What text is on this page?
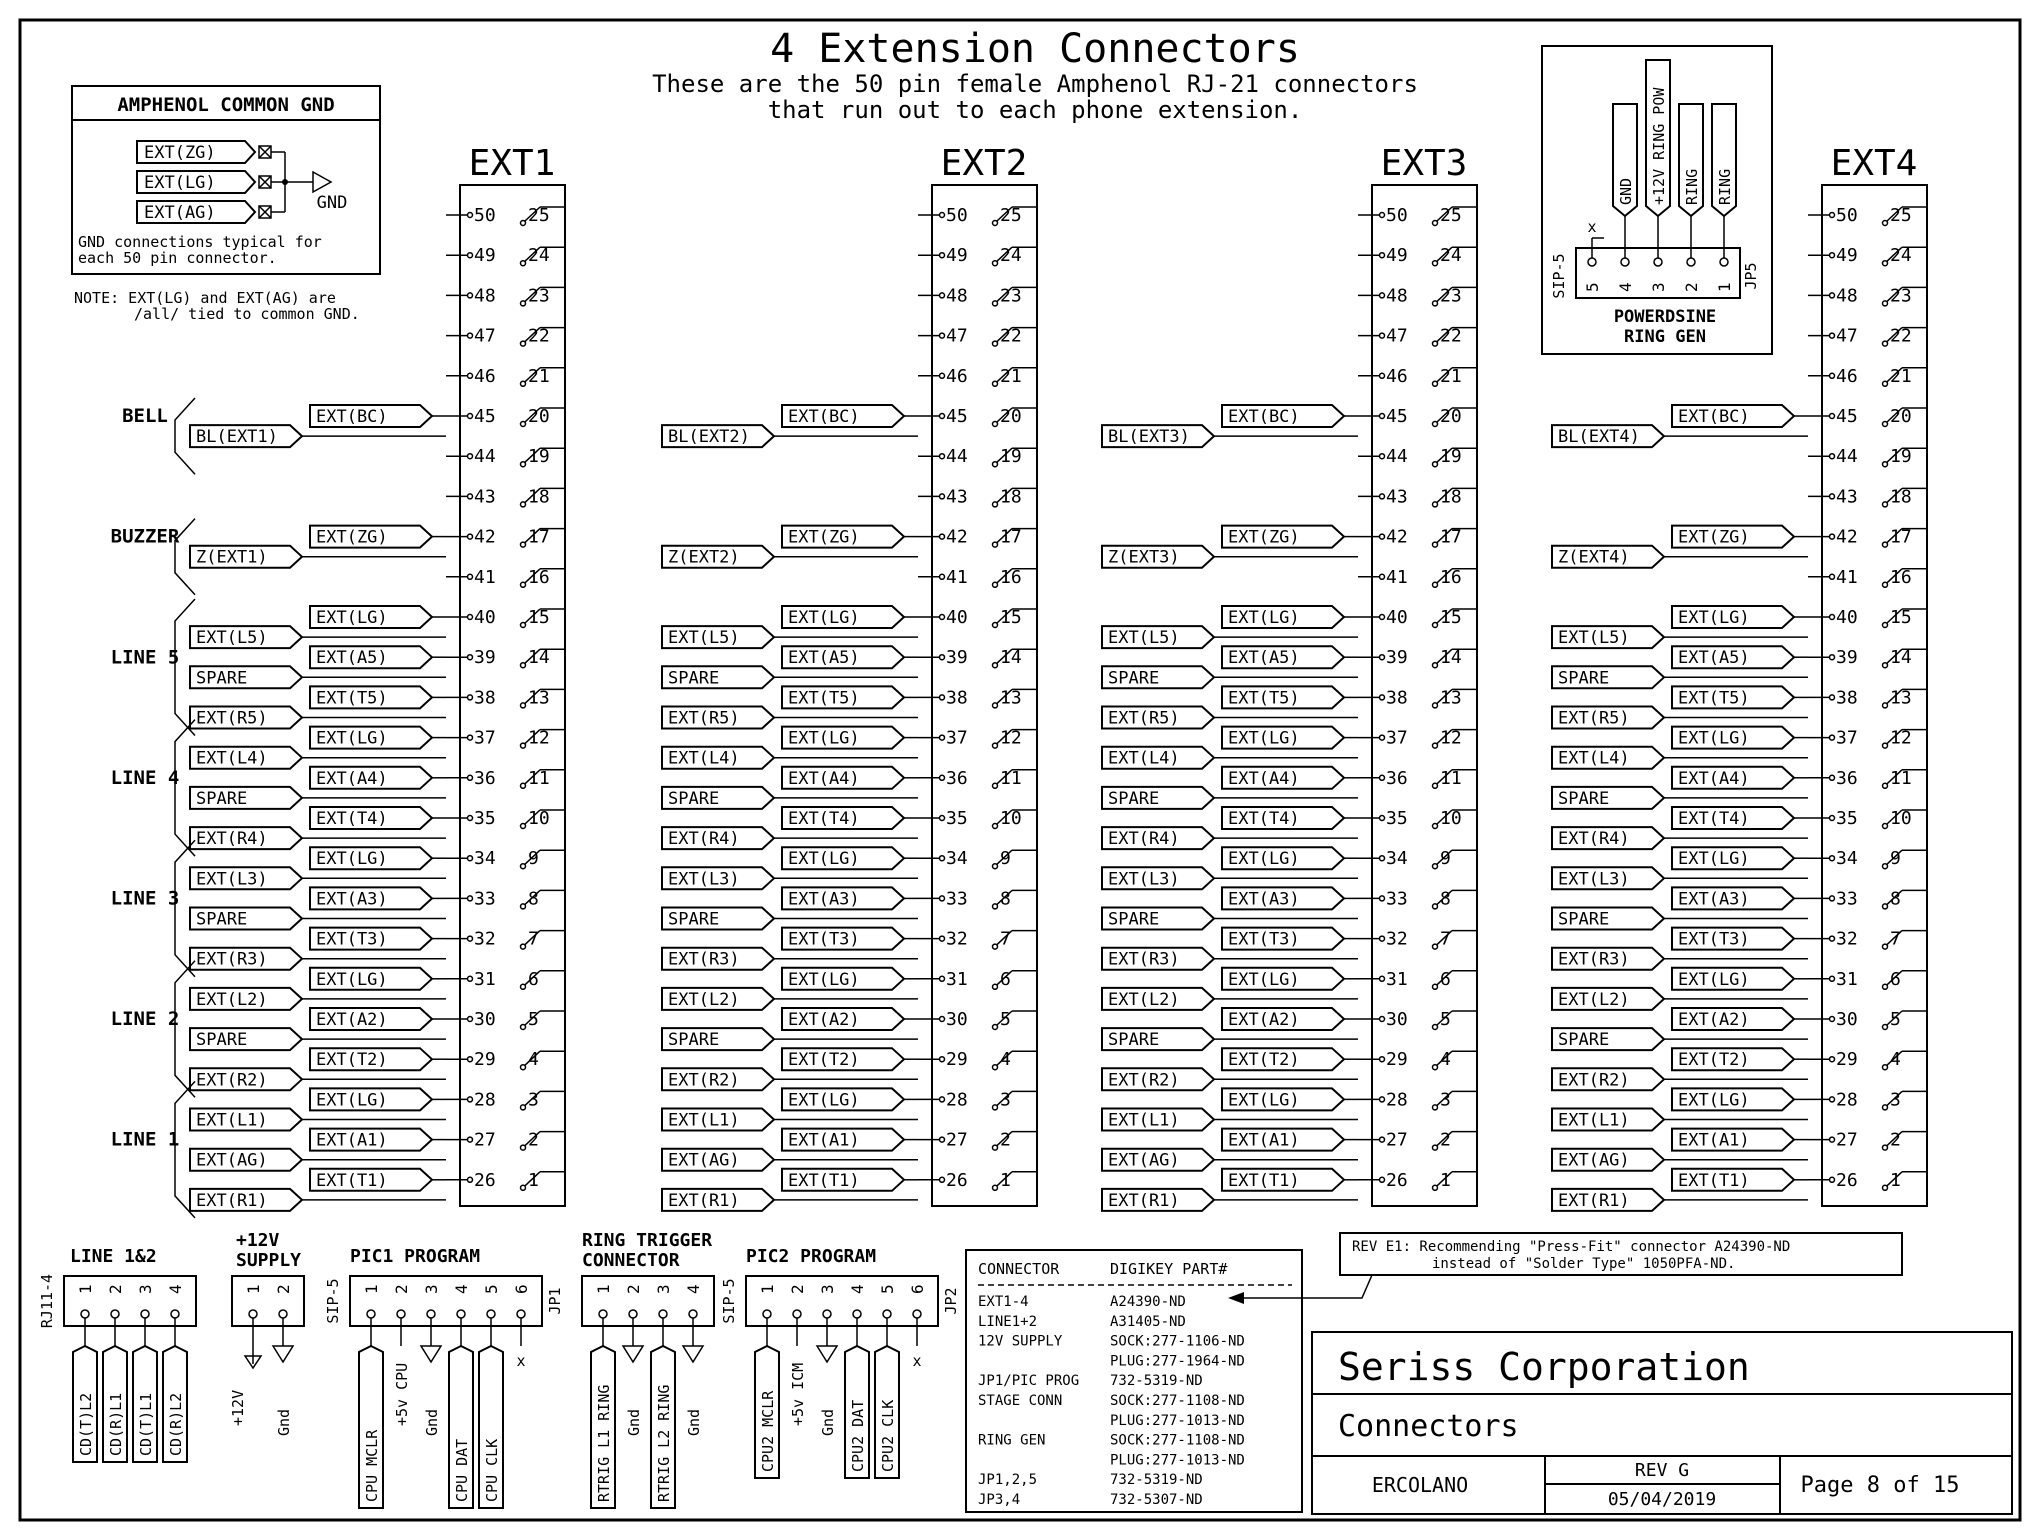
4 Extension Connectors
These are the 50 pin female Amphenol RJ-21 connectors
that run out to each phone extension.
AMPHENOL COMMON GND
EXT(ZG)
EXT(LG)
EXT(AG)	GND
GND connections typical for
each 50 pin connector.
NOTE: EXT(LG) and EXT(AG) are
/all/ tied to common GND.
EXT1
50 25
49 24
48 23
47 22
46 21
45 20
EXT(BC)
44 19
43 18
42 17
EXT(ZG)
41 16
40 15
EXT(LG)
39 14
EXT(A5)
38 13
EXT(T5)
37 12
EXT(LG)
36 11
EXT(A4)
35 10
EXT(T4)
34 9
EXT(LG)
33 8
EXT(A3)
32 7
EXT(T3)
31 6
EXT(LG)
30 5
EXT(A2)
29 4
EXT(T2)
28 3
EXT(LG)
27 2
EXT(A1)
26 1
EXT(T1)
EXT(L5)
SPARE
EXT(R5)
EXT(L4)
SPARE
EXT(R4)
EXT(L3)
SPARE
EXT(R3)
EXT(L2)
SPARE
EXT(R2)
EXT(L1)
EXT(AG)
EXT(R1)
BL(EXT1)
Z(EXT1)
BELL
BUZZER
LINE 5
LINE 4
LINE 3
LINE 2
LINE 1
EXT2
50 25
49 24
48 23
47 22
46 21
45 20
EXT(BC)
44 19
43 18
42 17
EXT(ZG)
41 16
40 15
EXT(LG)
39 14
EXT(A5)
38 13
EXT(T5)
37 12
EXT(LG)
36 11
EXT(A4)
35 10
EXT(T4)
34 9
EXT(LG)
33 8
EXT(A3)
32 7
EXT(T3)
31 6
EXT(LG)
30 5
EXT(A2)
29 4
EXT(T2)
28 3
EXT(LG)
27 2
EXT(A1)
26 1
EXT(T1)
EXT(L5)
SPARE
EXT(R5)
EXT(L4)
SPARE
EXT(R4)
EXT(L3)
SPARE
EXT(R3)
EXT(L2)
SPARE
EXT(R2)
EXT(L1)
EXT(AG)
EXT(R1)
BL(EXT2)
Z(EXT2)
EXT3
50 25
49 24
48 23
47 22
46 21
45 20
EXT(BC)
44 19
43 18
42 17
EXT(ZG)
41 16
40 15
EXT(LG)
39 14
EXT(A5)
38 13
EXT(T5)
37 12
EXT(LG)
36 11
EXT(A4)
35 10
EXT(T4)
34 9
EXT(LG)
33 8
EXT(A3)
32 7
EXT(T3)
31 6
EXT(LG)
30 5
EXT(A2)
29 4
EXT(T2)
28 3
EXT(LG)
27 2
EXT(A1)
26 1
EXT(T1)
EXT(L5)
SPARE
EXT(R5)
EXT(L4)
SPARE
EXT(R4)
EXT(L3)
SPARE
EXT(R3)
EXT(L2)
SPARE
EXT(R2)
EXT(L1)
EXT(AG)
EXT(R1)
BL(EXT3)
Z(EXT3)
EXT4
50 25
49 24
48 23
47 22
46 21
45 20
EXT(BC)
44 19
43 18
42 17
EXT(ZG)
41 16
40 15
EXT(LG)
39 14
EXT(A5)
38 13
EXT(T5)
37 12
EXT(LG)
36 11
EXT(A4)
35 10
EXT(T4)
34 9
EXT(LG)
33 8
EXT(A3)
32 7
EXT(T3)
31 6
EXT(LG)
30 5
EXT(A2)
29 4
EXT(T2)
28 3
EXT(LG)
27 2
EXT(A1)
26 1
EXT(T1)
EXT(L5)
SPARE
EXT(R5)
EXT(L4)
SPARE
EXT(R4)
EXT(L3)
SPARE
EXT(R3)
EXT(L2)
SPARE
EXT(R2)
EXT(L1)
EXT(AG)
EXT(R1)
BL(EXT4)
Z(EXT4)
POWERDSINE
RING GEN
SIP-5	JP5
5 4 3 2 1
x
GND +12V RING POW RING RING
LINE 1&2
RJ11-4 1
CD(T)L2
2
CD(R)L1
3
CD(T)L1
4
CD(R)L2
+12V
SUPPLY
1
+12V
2
Gnd
PIC1 PROGRAM
SIP-5	JP1
1
CPU MCLR
2
+5v CPU
3
Gnd
4
CPU DAT
5
CPU CLK
6
x
RING TRIGGER
CONNECTOR
1
RTRIG L1 RING
2
Gnd
3
RTRIG L2 RING
4
Gnd
PIC2 PROGRAM
SIP-5	JP2
1
CPU2 MCLR
2
+5v ICM
3
Gnd
4
CPU2 DAT
5
CPU2 CLK
6
x
CONNECTOR	DIGIKEY PART#
EXT1-4	A24390-ND
LINE1+2	A31405-ND
12V SUPPLY	SOCK:277-1106-ND
PLUG:277-1964-ND
JP1/PIC PROG 732-5319-ND
STAGE CONN	SOCK:277-1108-ND
PLUG:277-1013-ND
RING GEN	SOCK:277-1108-ND
PLUG:277-1013-ND
JP1,2,5	732-5319-ND
JP3,4	732-5307-ND
REV E1: Recommending "Press-Fit" connector A24390-ND
instead of "Solder Type" 1050PFA-ND.
Seriss Corporation
Connectors
ERCOLANO
REV G
05/04/2019
Page 8 of 15
